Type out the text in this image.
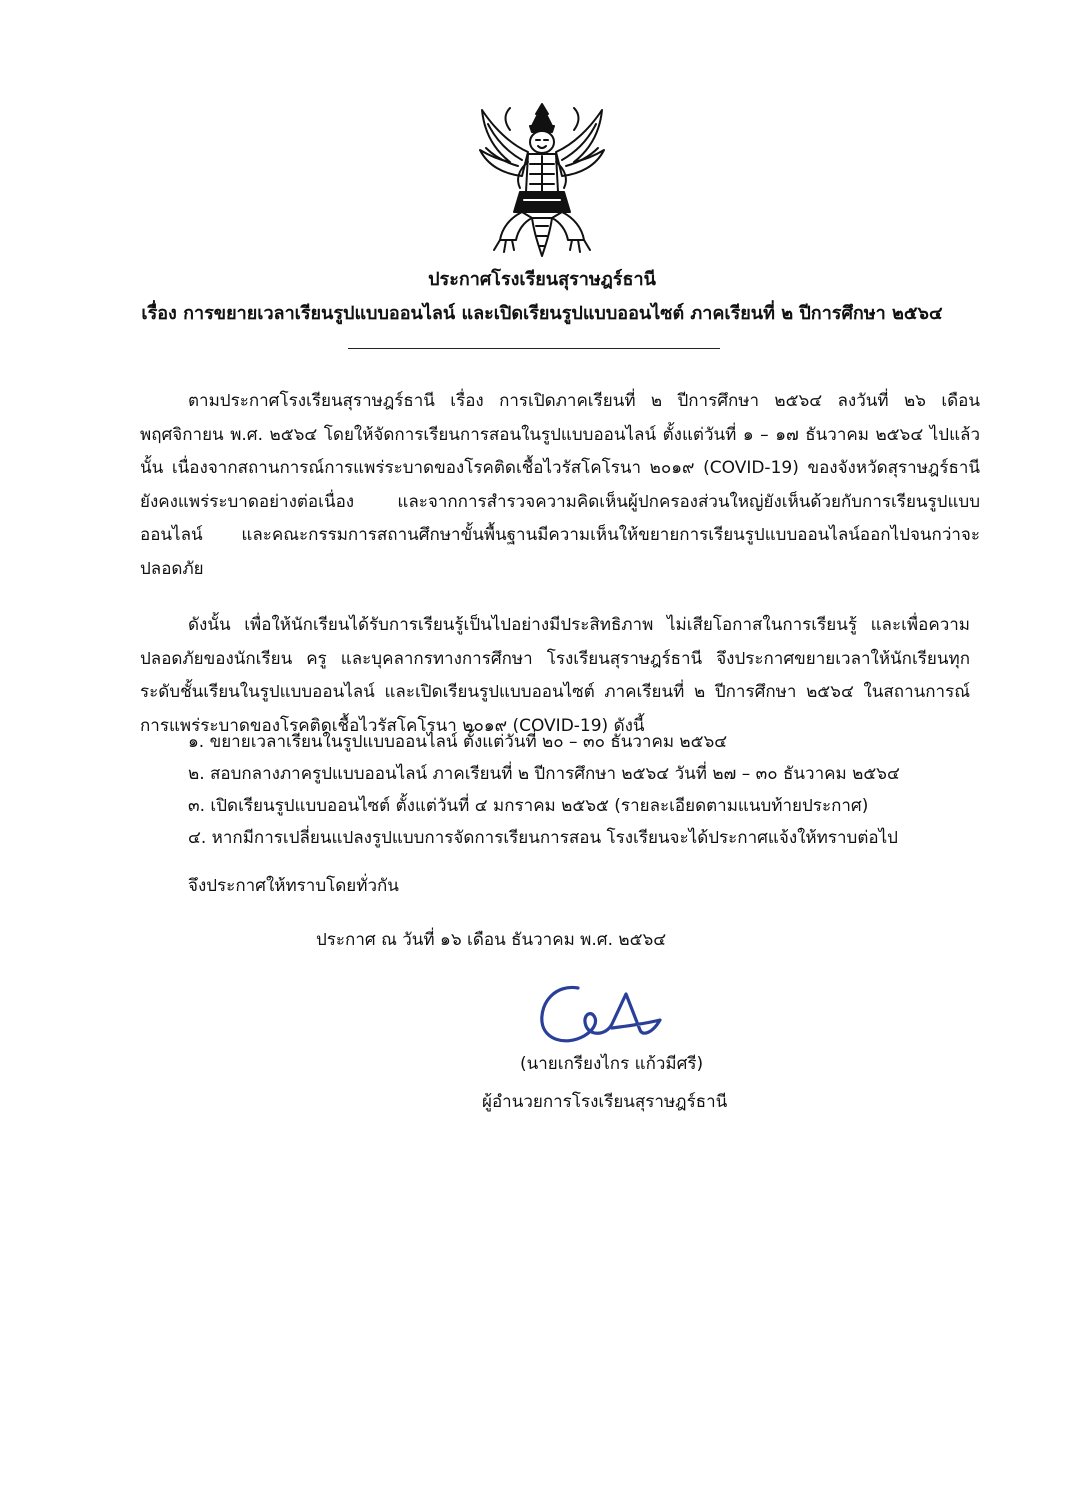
ประกาศโรงเรียนสุราษฎร์ธานี
เรื่อง การขยายเวลาเรียนรูปแบบออนไลน์ และเปิดเรียนรูปแบบออนไซต์ ภาคเรียนที่ ๒ ปีการศึกษา ๒๕๖๔

ตามประกาศโรงเรียนสุราษฎร์ธานี เรื่อง การเปิดภาคเรียนที่ ๒ ปีการศึกษา ๒๕๖๔ ลงวันที่ ๒๖ เดือน พฤศจิกายน พ.ศ. ๒๕๖๔ โดยให้จัดการเรียนการสอนในรูปแบบออนไลน์ ตั้งแต่วันที่ ๑ – ๑๗ ธันวาคม ๒๕๖๔ ไปแล้วนั้น เนื่องจากสถานการณ์การแพร่ระบาดของโรคติดเชื้อไวรัสโคโรนา ๒๐๑๙ (COVID-19) ของจังหวัดสุราษฎร์ธานี ยังคงแพร่ระบาดอย่างต่อเนื่อง และจากการสำรวจความคิดเห็นผู้ปกครองส่วนใหญ่ยังเห็นด้วยกับการเรียนรูปแบบออนไลน์ และคณะกรรมการสถานศึกษาขั้นพื้นฐานมีความเห็นให้ขยายการเรียนรูปแบบออนไลน์ออกไปจนกว่าจะปลอดภัย

ดังนั้น เพื่อให้นักเรียนได้รับการเรียนรู้เป็นไปอย่างมีประสิทธิภาพ ไม่เสียโอกาสในการเรียนรู้ และเพื่อความปลอดภัยของนักเรียน ครู และบุคลากรทางการศึกษา โรงเรียนสุราษฎร์ธานี จึงประกาศขยายเวลาให้นักเรียนทุกระดับชั้นเรียนในรูปแบบออนไลน์ และเปิดเรียนรูปแบบออนไซต์ ภาคเรียนที่ ๒ ปีการศึกษา ๒๕๖๔ ในสถานการณ์การแพร่ระบาดของโรคติดเชื้อไวรัสโคโรนา ๒๐๑๙ (COVID-19) ดังนี้

๑. ขยายเวลาเรียนในรูปแบบออนไลน์ ตั้งแต่วันที่ ๒๐ – ๓๐ ธันวาคม ๒๕๖๔
๒. สอบกลางภาครูปแบบออนไลน์ ภาคเรียนที่ ๒ ปีการศึกษา ๒๕๖๔ วันที่ ๒๗ – ๓๐ ธันวาคม ๒๕๖๔
๓. เปิดเรียนรูปแบบออนไซต์ ตั้งแต่วันที่ ๔ มกราคม ๒๕๖๕ (รายละเอียดตามแนบท้ายประกาศ)
๔. หากมีการเปลี่ยนแปลงรูปแบบการจัดการเรียนการสอน โรงเรียนจะได้ประกาศแจ้งให้ทราบต่อไป
จึงประกาศให้ทราบโดยทั่วกัน
ประกาศ ณ วันที่ ๑๖ เดือน ธันวาคม พ.ศ. ๒๕๖๔
(นายเกรียงไกร แก้วมีศรี)
ผู้อำนวยการโรงเรียนสุราษฎร์ธานี
